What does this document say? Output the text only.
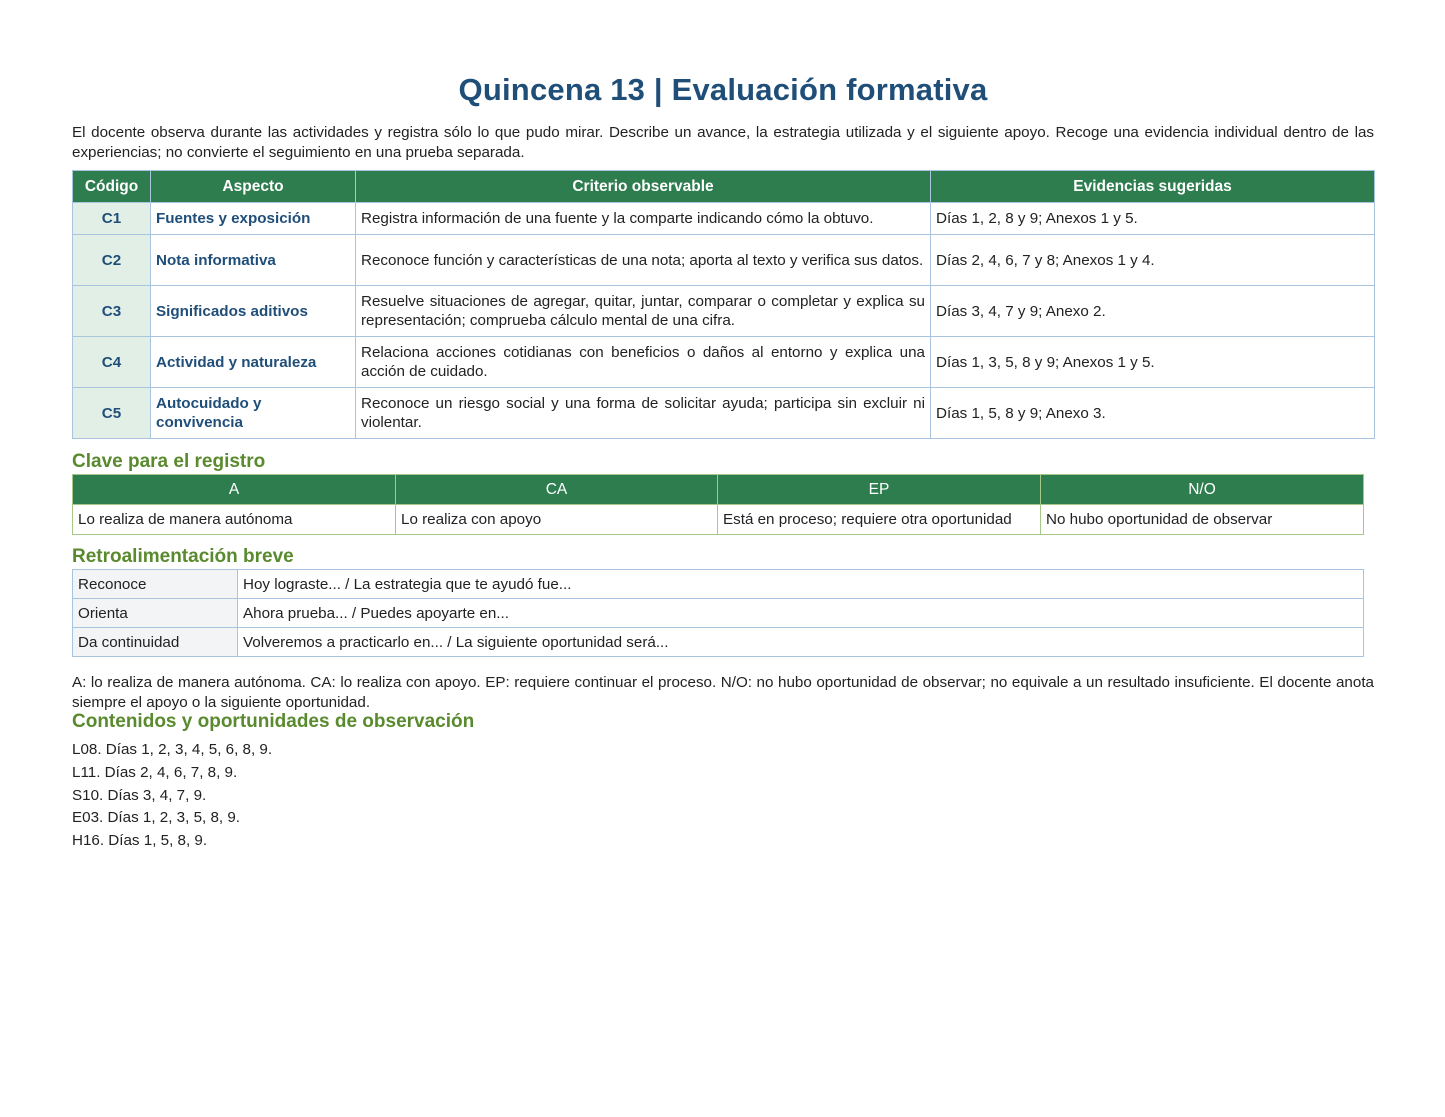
Quincena 13 | Evaluación formativa

El docente observa durante las actividades y registra sólo lo que pudo mirar. Describe un avance, la estrategia utilizada y el siguiente apoyo. Recoge una evidencia individual dentro de las experiencias; no convierte el seguimiento en una prueba separada.

Código	Aspecto	Criterio observable	Evidencias sugeridas
C1	Fuentes y exposición	Registra información de una fuente y la comparte indicando cómo la obtuvo.	Días 1, 2, 8 y 9; Anexos 1 y 5.
C2	Nota informativa	Reconoce función y características de una nota; aporta al texto y verifica sus datos.	Días 2, 4, 6, 7 y 8; Anexos 1 y 4.
C3	Significados aditivos	Resuelve situaciones de agregar, quitar, juntar, comparar o completar y explica su representación; comprueba cálculo mental de una cifra.	Días 3, 4, 7 y 9; Anexo 2.
C4	Actividad y naturaleza	Relaciona acciones cotidianas con beneficios o daños al entorno y explica una acción de cuidado.	Días 1, 3, 5, 8 y 9; Anexos 1 y 5.
C5	Autocuidado y convivencia	Reconoce un riesgo social y una forma de solicitar ayuda; participa sin excluir ni violentar.	Días 1, 5, 8 y 9; Anexo 3.
Clave para el registro
A	CA	EP	N/O
Lo realiza de manera autónoma	Lo realiza con apoyo	Está en proceso; requiere otra oportunidad	No hubo oportunidad de observar
Retroalimentación breve
Reconoce	Hoy lograste... / La estrategia que te ayudó fue...
Orienta	Ahora prueba... / Puedes apoyarte en...
Da continuidad	Volveremos a practicarlo en... / La siguiente oportunidad será...

A: lo realiza de manera autónoma. CA: lo realiza con apoyo. EP: requiere continuar el proceso. N/O: no hubo oportunidad de observar; no equivale a un resultado insuficiente. El docente anota siempre el apoyo o la siguiente oportunidad.

Contenidos y oportunidades de observación
L08. Días 1, 2, 3, 4, 5, 6, 8, 9.
L11. Días 2, 4, 6, 7, 8, 9.
S10. Días 3, 4, 7, 9.
E03. Días 1, 2, 3, 5, 8, 9.
H16. Días 1, 5, 8, 9.
